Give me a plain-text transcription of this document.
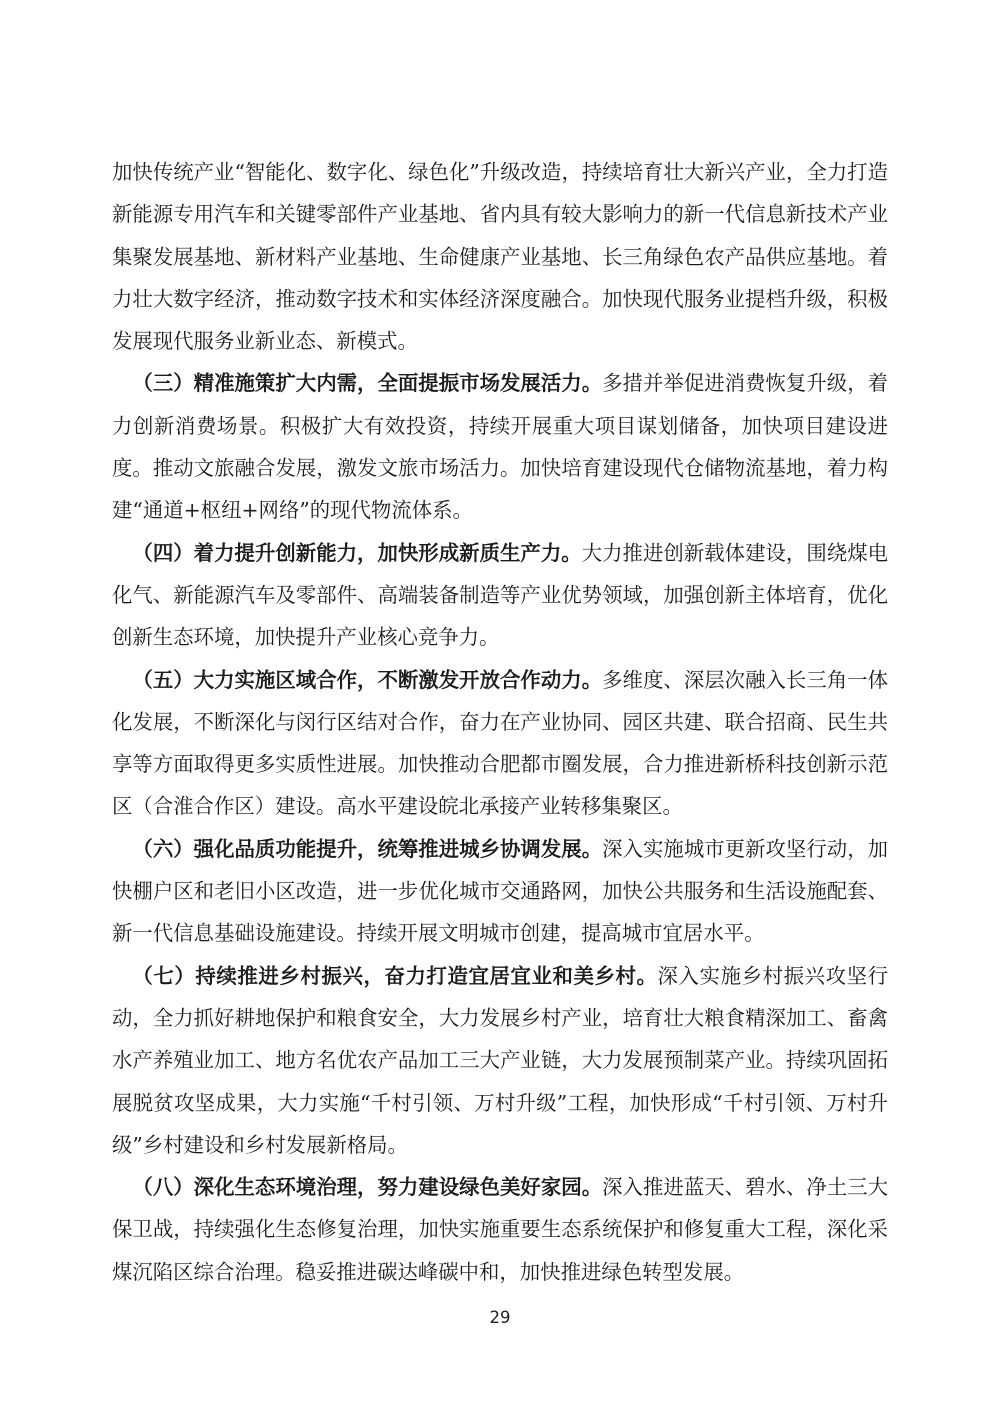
加快传统产业“智能化、数字化、绿色化”升级改造，持续培育壮大新兴产业，全力打造新能源专用汽车和关键零部件产业基地、省内具有较大影响力的新一代信息新技术产业集聚发展基地、新材料产业基地、生命健康产业基地、长三角绿色农产品供应基地。着力壮大数字经济，推动数字技术和实体经济深度融合。加快现代服务业提档升级，积极发展现代服务业新业态、新模式。

（三）精准施策扩大内需，全面提振市场发展活力。多措并举促进消费恢复升级，着力创新消费场景。积极扩大有效投资，持续开展重大项目谋划储备，加快项目建设进度。推动文旅融合发展，激发文旅市场活力。加快培育建设现代仓储物流基地，着力构建“通道+枢纽+网络”的现代物流体系。

（四）着力提升创新能力，加快形成新质生产力。大力推进创新载体建设，围绕煤电化气、新能源汽车及零部件、高端装备制造等产业优势领域，加强创新主体培育，优化创新生态环境，加快提升产业核心竞争力。

（五）大力实施区域合作，不断激发开放合作动力。多维度、深层次融入长三角一体化发展，不断深化与闵行区结对合作，奋力在产业协同、园区共建、联合招商、民生共享等方面取得更多实质性进展。加快推动合肥都市圈发展，合力推进新桥科技创新示范区（合淮合作区）建设。高水平建设皖北承接产业转移集聚区。

（六）强化品质功能提升，统筹推进城乡协调发展。深入实施城市更新攻坚行动，加快棚户区和老旧小区改造，进一步优化城市交通路网，加快公共服务和生活设施配套、新一代信息基础设施建设。持续开展文明城市创建，提高城市宜居水平。

（七）持续推进乡村振兴，奋力打造宜居宜业和美乡村。深入实施乡村振兴攻坚行动，全力抓好耕地保护和粮食安全，大力发展乡村产业，培育壮大粮食精深加工、畜禽水产养殖业加工、地方名优农产品加工三大产业链，大力发展预制菜产业。持续巩固拓展脱贫攻坚成果，大力实施“千村引领、万村升级”工程，加快形成“千村引领、万村升级”乡村建设和乡村发展新格局。

（八）深化生态环境治理，努力建设绿色美好家园。深入推进蓝天、碧水、净土三大保卫战，持续强化生态修复治理，加快实施重要生态系统保护和修复重大工程，深化采煤沉陷区综合治理。稳妥推进碳达峰碳中和，加快推进绿色转型发展。

29
